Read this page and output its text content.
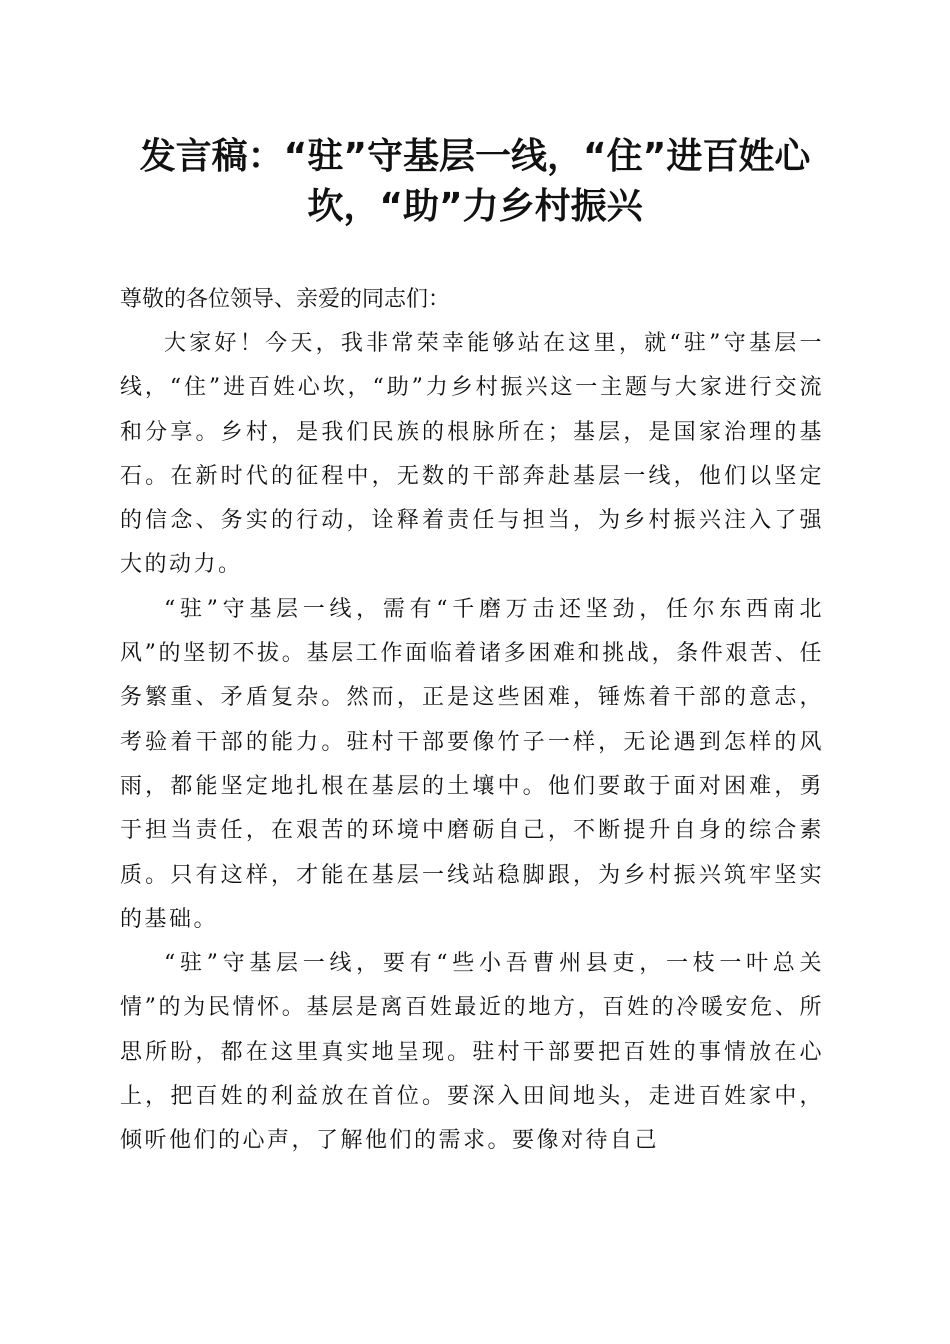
发言稿：“驻”守基层一线，“住”进百姓心
坎，“助”力乡村振兴

尊敬的各位领导、亲爱的同志们：

大家好！今天，我非常荣幸能够站在这里，就“驻”守基层一线，“住”进百姓心坎，“助”力乡村振兴这一主题与大家进行交流和分享。乡村，是我们民族的根脉所在；基层，是国家治理的基石。在新时代的征程中，无数的干部奔赴基层一线，他们以坚定的信念、务实的行动，诠释着责任与担当，为乡村振兴注入了强大的动力。

“驻”守基层一线，需有“千磨万击还坚劲，任尔东西南北风”的坚韧不拔。基层工作面临着诸多困难和挑战，条件艰苦、任务繁重、矛盾复杂。然而，正是这些困难，锤炼着干部的意志，考验着干部的能力。驻村干部要像竹子一样，无论遇到怎样的风雨，都能坚定地扎根在基层的土壤中。他们要敢于面对困难，勇于担当责任，在艰苦的环境中磨砺自己，不断提升自身的综合素质。只有这样，才能在基层一线站稳脚跟，为乡村振兴筑牢坚实的基础。

“驻”守基层一线，要有“些小吾曹州县吏，一枝一叶总关情”的为民情怀。基层是离百姓最近的地方，百姓的冷暖安危、所思所盼，都在这里真实地呈现。驻村干部要把百姓的事情放在心上，把百姓的利益放在首位。要深入田间地头，走进百姓家中，倾听他们的心声，了解他们的需求。要像对待自己
